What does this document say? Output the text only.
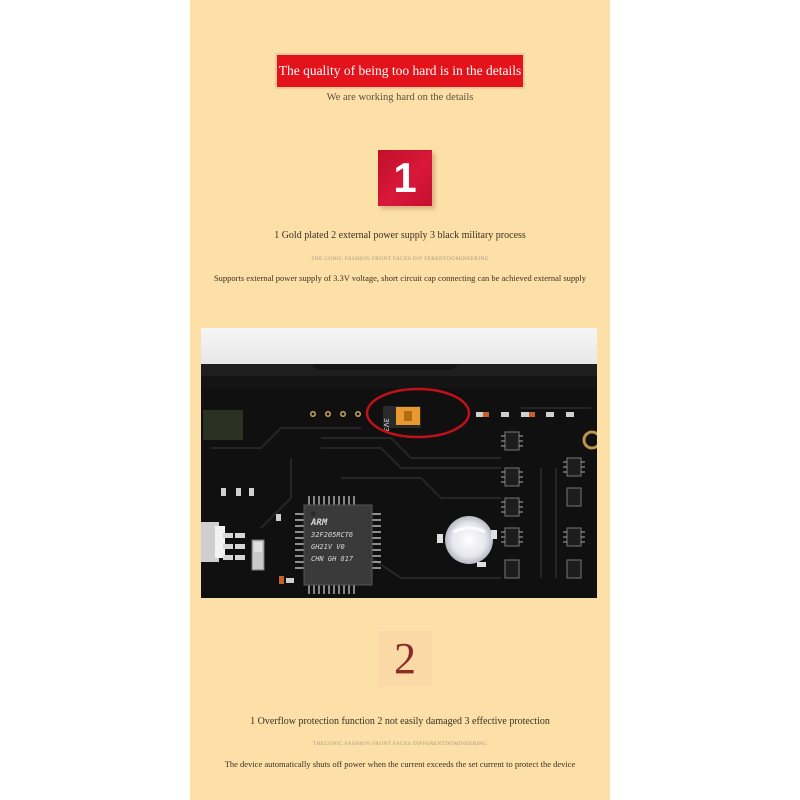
The quality of being too hard is in the details
We are working hard on the details
1
1 Gold plated 2 external power supply 3 black military process
THE CONIC FASHION FRONT FACES DIF FERENTDOMINEERING
Supports external power supply of 3.3V voltage, short circuit cap connecting can be achieved external supply
3V3
ARM
32F205RCT6
GH21V V0
CHN GH 817
2
1 Overflow protection function 2 not easily damaged 3 effective protection
THECONIC FASHION FRONT FACES DIFFERENTDOMINEERING
The device automatically shuts off power when the current exceeds the set current to protect the device
